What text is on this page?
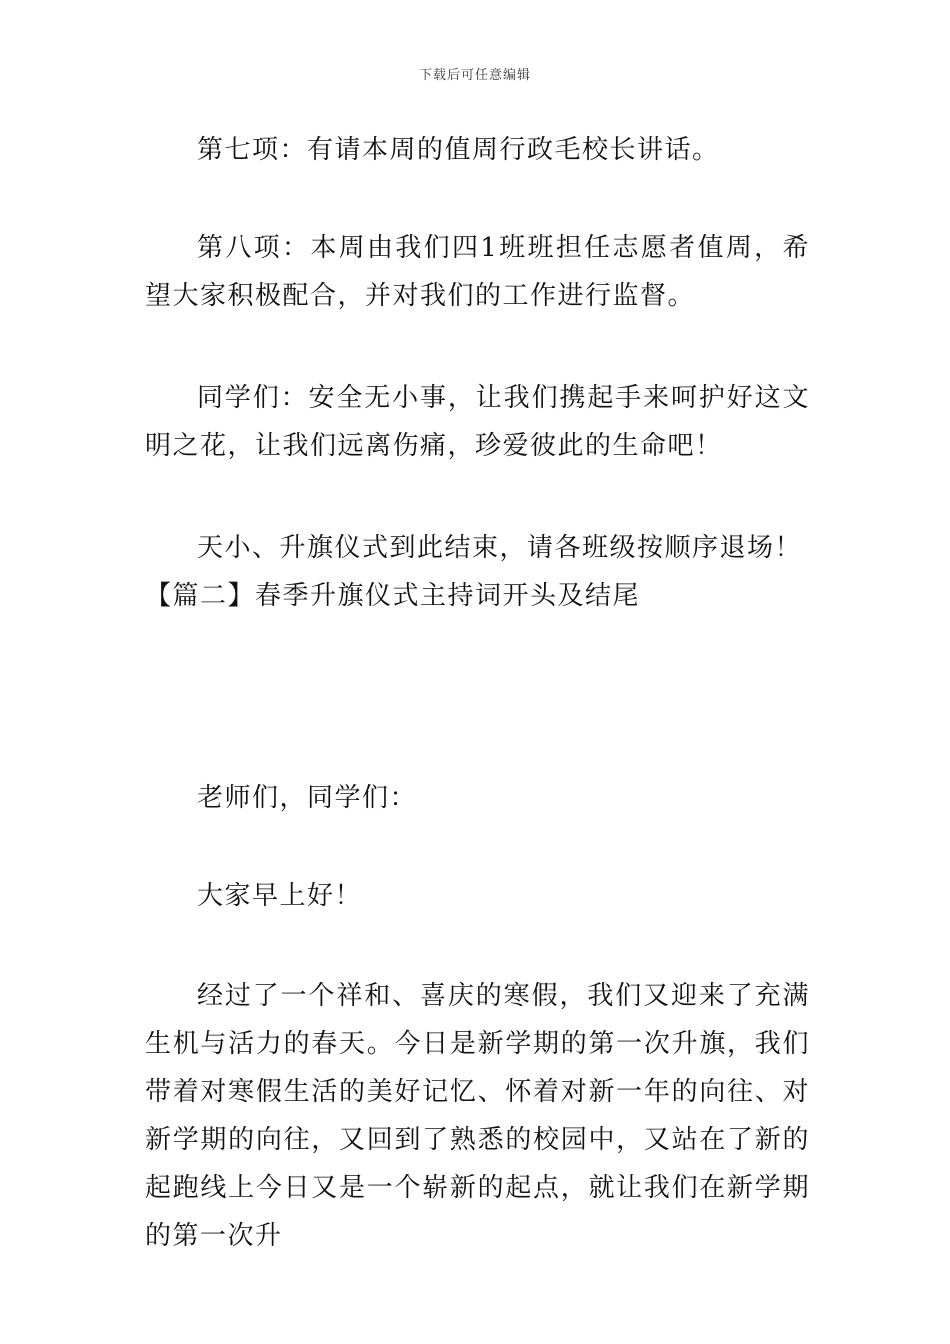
下载后可任意编辑
第七项：有请本周的值周行政毛校长讲话。
第八项：本周由我们四1班班担任志愿者值周，希望大家积极配合，并对我们的工作进行监督。
同学们：安全无小事，让我们携起手来呵护好这文明之花，让我们远离伤痛，珍爱彼此的生命吧！
天小、升旗仪式到此结束，请各班级按顺序退场！
【篇二】春季升旗仪式主持词开头及结尾
老师们，同学们：
大家早上好！
经过了一个祥和、喜庆的寒假，我们又迎来了充满生机与活力的春天。今日是新学期的第一次升旗，我们带着对寒假生活的美好记忆、怀着对新一年的向往、对新学期的向往，又回到了熟悉的校园中，又站在了新的起跑线上今日又是一个崭新的起点，就让我们在新学期的第一次升
